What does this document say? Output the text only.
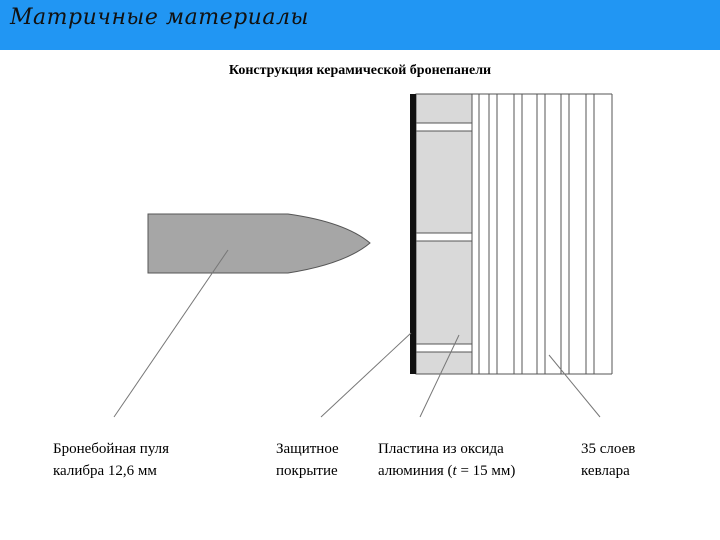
Матричные материалы
Конструкция керамической бронепанели
Бронебойная пуля
калибра 12,6 мм
Защитное
покрытие
Пластина из оксида
алюминия (t = 15 мм)
35 слоев
кевлара
